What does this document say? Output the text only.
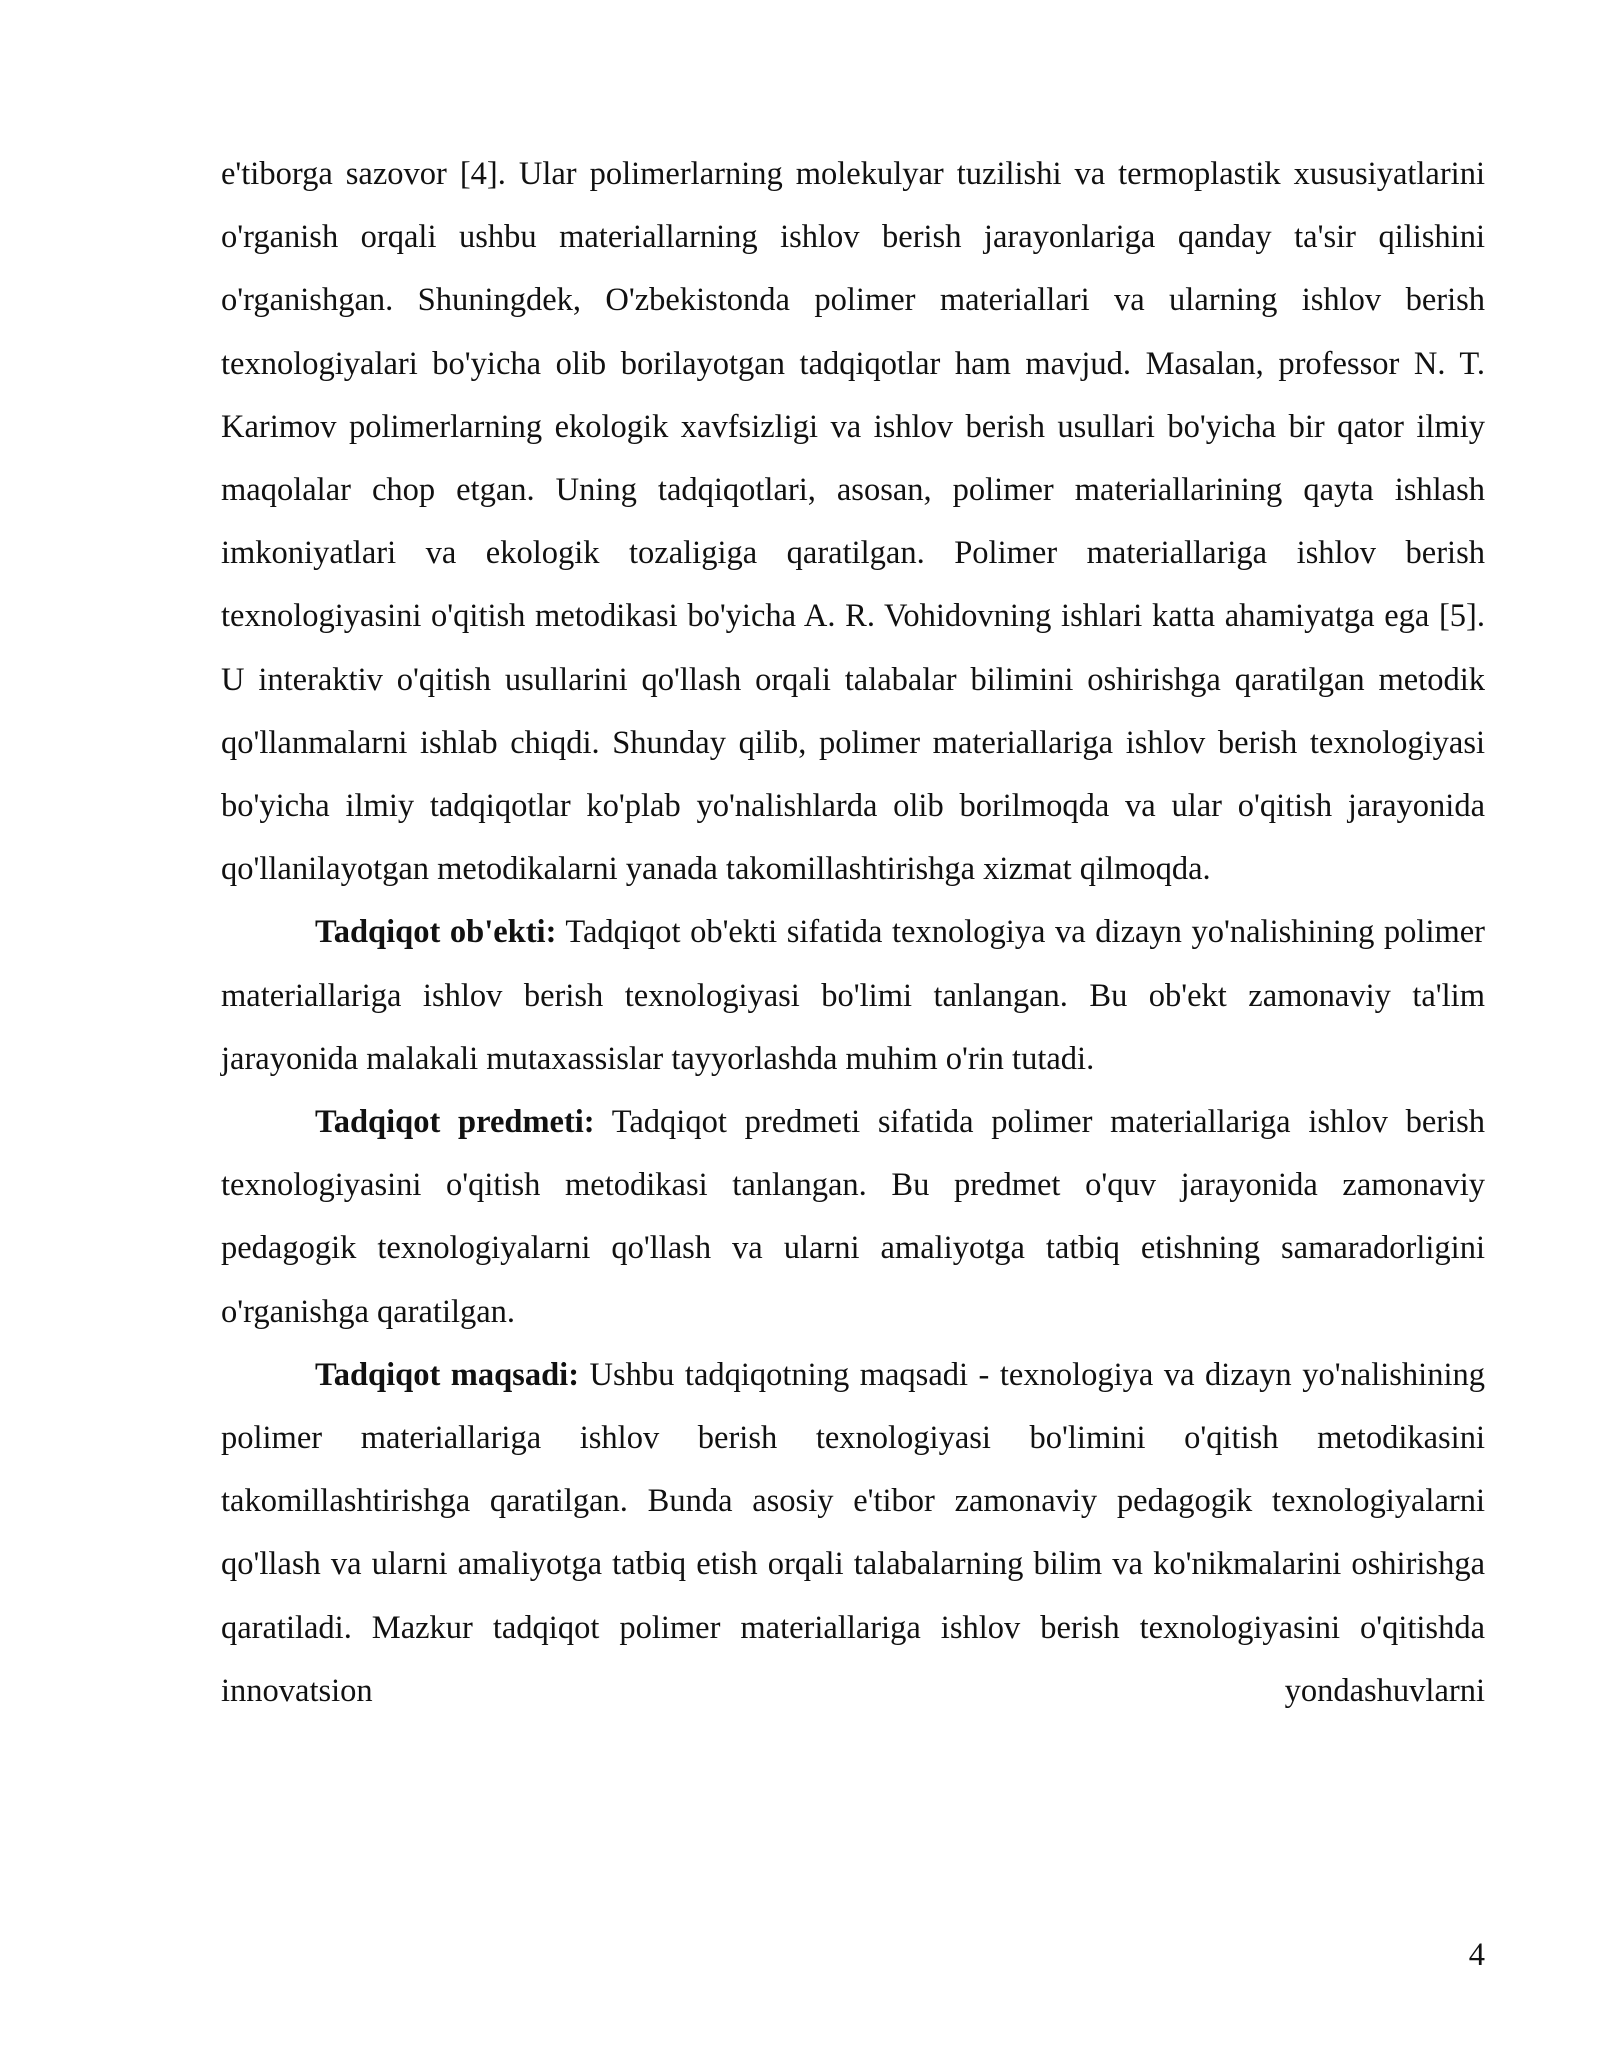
e'tiborga sazovor [4]. Ular polimerlarning molekulyar tuzilishi va termoplastik xususiyatlarini o'rganish orqali ushbu materiallarning ishlov berish jarayonlariga qanday ta'sir qilishini o'rganishgan. Shuningdek, O'zbekistonda polimer materiallari va ularning ishlov berish texnologiyalari bo'yicha olib borilayotgan tadqiqotlar ham mavjud. Masalan, professor N. T. Karimov polimerlarning ekologik xavfsizligi va ishlov berish usullari bo'yicha bir qator ilmiy maqolalar chop etgan. Uning tadqiqotlari, asosan, polimer materiallarining qayta ishlash imkoniyatlari va ekologik tozaligiga qaratilgan. Polimer materiallariga ishlov berish texnologiyasini o'qitish metodikasi bo'yicha A. R. Vohidovning ishlari katta ahamiyatga ega [5]. U interaktiv o'qitish usullarini qo'llash orqali talabalar bilimini oshirishga qaratilgan metodik qo'llanmalarni ishlab chiqdi. Shunday qilib, polimer materiallariga ishlov berish texnologiyasi bo'yicha ilmiy tadqiqotlar ko'plab yo'nalishlarda olib borilmoqda va ular o'qitish jarayonida qo'llanilayotgan metodikalarni yanada takomillashtirishga xizmat qilmoqda.

Tadqiqot ob'ekti: Tadqiqot ob'ekti sifatida texnologiya va dizayn yo'nalishining polimer materiallariga ishlov berish texnologiyasi bo'limi tanlangan. Bu ob'ekt zamonaviy ta'lim jarayonida malakali mutaxassislar tayyorlashda muhim o'rin tutadi.

Tadqiqot predmeti: Tadqiqot predmeti sifatida polimer materiallariga ishlov berish texnologiyasini o'qitish metodikasi tanlangan. Bu predmet o'quv jarayonida zamonaviy pedagogik texnologiyalarni qo'llash va ularni amaliyotga tatbiq etishning samaradorligini o'rganishga qaratilgan.

Tadqiqot maqsadi: Ushbu tadqiqotning maqsadi - texnologiya va dizayn yo'nalishining polimer materiallariga ishlov berish texnologiyasi bo'limini o'qitish metodikasini takomillashtirishga qaratilgan. Bunda asosiy e'tibor zamonaviy pedagogik texnologiyalarni qo'llash va ularni amaliyotga tatbiq etish orqali talabalarning bilim va ko'nikmalarini oshirishga qaratiladi. Mazkur tadqiqot polimer materiallariga ishlov berish texnologiyasini o'qitishda innovatsion yondashuvlarni

4
